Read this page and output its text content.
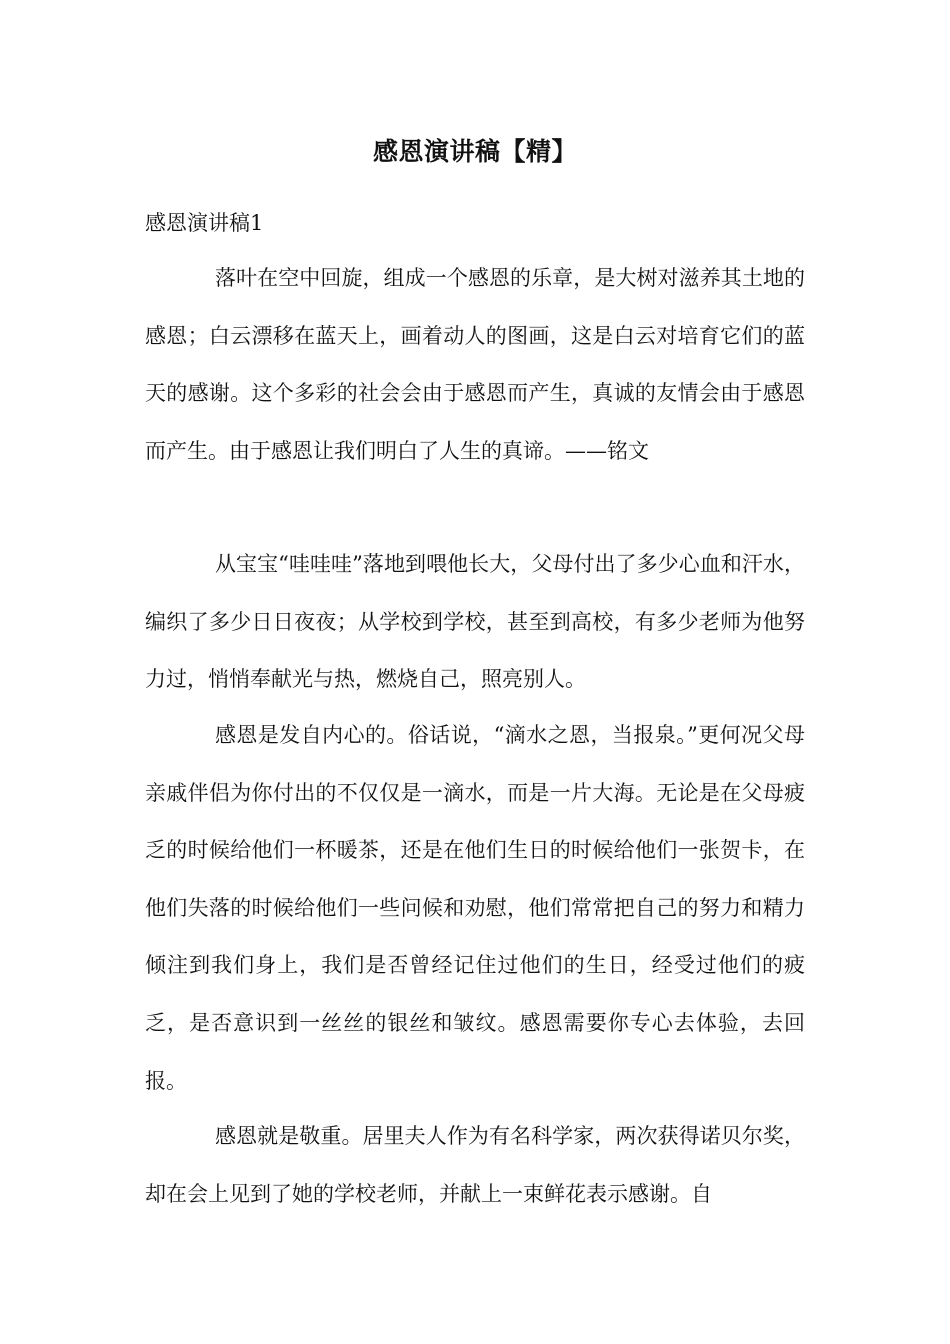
感恩演讲稿【精】
感恩演讲稿1

落叶在空中回旋，组成一个感恩的乐章，是大树对滋养其土地的感恩；白云漂移在蓝天上，画着动人的图画，这是白云对培育它们的蓝天的感谢。这个多彩的社会会由于感恩而产生，真诚的友情会由于感恩而产生。由于感恩让我们明白了人生的真谛。——铭文

从宝宝“哇哇哇”落地到喂他长大，父母付出了多少心血和汗水，编织了多少日日夜夜；从学校到学校，甚至到高校，有多少老师为他努力过，悄悄奉献光与热，燃烧自己，照亮别人。

感恩是发自内心的。俗话说，“滴水之恩，当报泉。”更何况父母亲戚伴侣为你付出的不仅仅是一滴水，而是一片大海。无论是在父母疲乏的时候给他们一杯暖茶，还是在他们生日的时候给他们一张贺卡，在他们失落的时候给他们一些问候和劝慰，他们常常把自己的努力和精力倾注到我们身上，我们是否曾经记住过他们的生日，经受过他们的疲乏，是否意识到一丝丝的银丝和皱纹。感恩需要你专心去体验，去回报。

感恩就是敬重。居里夫人作为有名科学家，两次获得诺贝尔奖，却在会上见到了她的学校老师，并献上一束鲜花表示感谢。自
